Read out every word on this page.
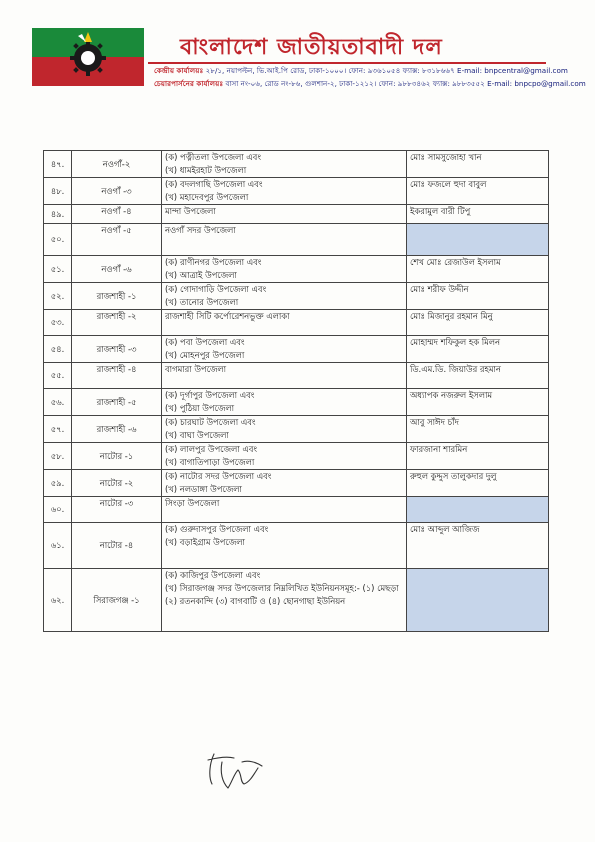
বাংলাদেশ জাতীয়তাবাদী দল
কেন্দ্রীয় কার্যালয়ঃ ২৮/১, নয়াপল্টন, ভি.আই.পি রোড, ঢাকা-১০০০। ফোন: ৯৩৬১০৫৪ ফ্যাক্স: ৮৩১৮৬৬৭ E-mail: bnpcentral@gmail.com
চেয়ারপার্সনের কার্যালয়ঃ বাসা নং-০৬, রোড নং-৮৬, গুলশান-২, ঢাকা-১২১২। ফোন: ৯৮৮৩৪৬২ ফ্যাক্স: ৯৮৮৩৫৫২ E-mail: bnpcpo@gmail.com
৪৭.	নওগাঁ-২	(ক) পত্নীতলা উপজেলা এবং
(খ) ধামইরহাট উপজেলা	মোঃ সামসুজোহা খান
৪৮.	নওগাঁ -৩	(ক) বদলগাছি উপজেলা এবং
(খ) মহাদেবপুর উপজেলা	মোঃ ফজলে হুদা বাবুল
৪৯.	নওগাঁ -৪	মান্দা উপজেলা	ইকরামুল বারী টিপু
৫০.	নওগাঁ -৫	নওগাঁ সদর উপজেলা	

৫১.	নওগাঁ -৬	(ক) রাণীনগর উপজেলা এবং
(খ) আত্রাই উপজেলা	শেখ মোঃ রেজাউল ইসলাম
৫২.	রাজশাহী -১	(ক) গোদাগাড়ি উপজেলা এবং
(খ) তানোর উপজেলা	মোঃ শরীফ উদ্দীন
৫৩.	রাজশাহী -২	রাজশাহী সিটি কর্পোরেশনভুক্ত এলাকা	মোঃ মিজানুর রহমান মিনু
৫৪.	রাজশাহী -৩	(ক) পবা উপজেলা এবং
(খ) মোহনপুর উপজেলা	মোহাম্মদ শফিকুল হক মিলন
৫৫.	রাজশাহী -৪	বাগমারা উপজেলা	ডি.এম.ডি. জিয়াউর রহমান
৫৬.	রাজশাহী -৫	(ক) দূর্গাপুর উপজেলা এবং
(খ) পুঠিয়া উপজেলা	অধ্যাপক নজরুল ইসলাম
৫৭.	রাজশাহী -৬	(ক) চারঘাট উপজেলা এবং
(খ) বাঘা উপজেলা	আবু সাঈদ চাঁদ
৫৮.	নাটোর -১	(ক) লালপুর উপজেলা এবং
(খ) বাগাতিপাড়া উপজেলা	ফারজানা শারমিন
৫৯.	নাটোর -২	(ক) নাটোর সদর উপজেলা এবং
(খ) নলডাঙ্গা উপজেলা	রুহুল কুদ্দুস তালুকদার দুলু
৬০.	নাটোর -৩	সিংড়া উপজেলা	

৬১.	নাটোর -৪	(ক) গুরুদাসপুর উপজেলা এবং
(খ) বড়াইগ্রাম উপজেলা	মোঃ আব্দুল আজিজ
৬২.	সিরাজগঞ্জ -১	(ক) কাজিপুর উপজেলা এবং
(খ) সিরাজগঞ্জ সদর উপজেলার নিম্নলিখিত ইউনিয়নসমূহ:- (১) মেছড়া (২) রতনকান্দি (৩) বাগবাটি ও (৪) ছোনগাছা ইউনিয়ন	
